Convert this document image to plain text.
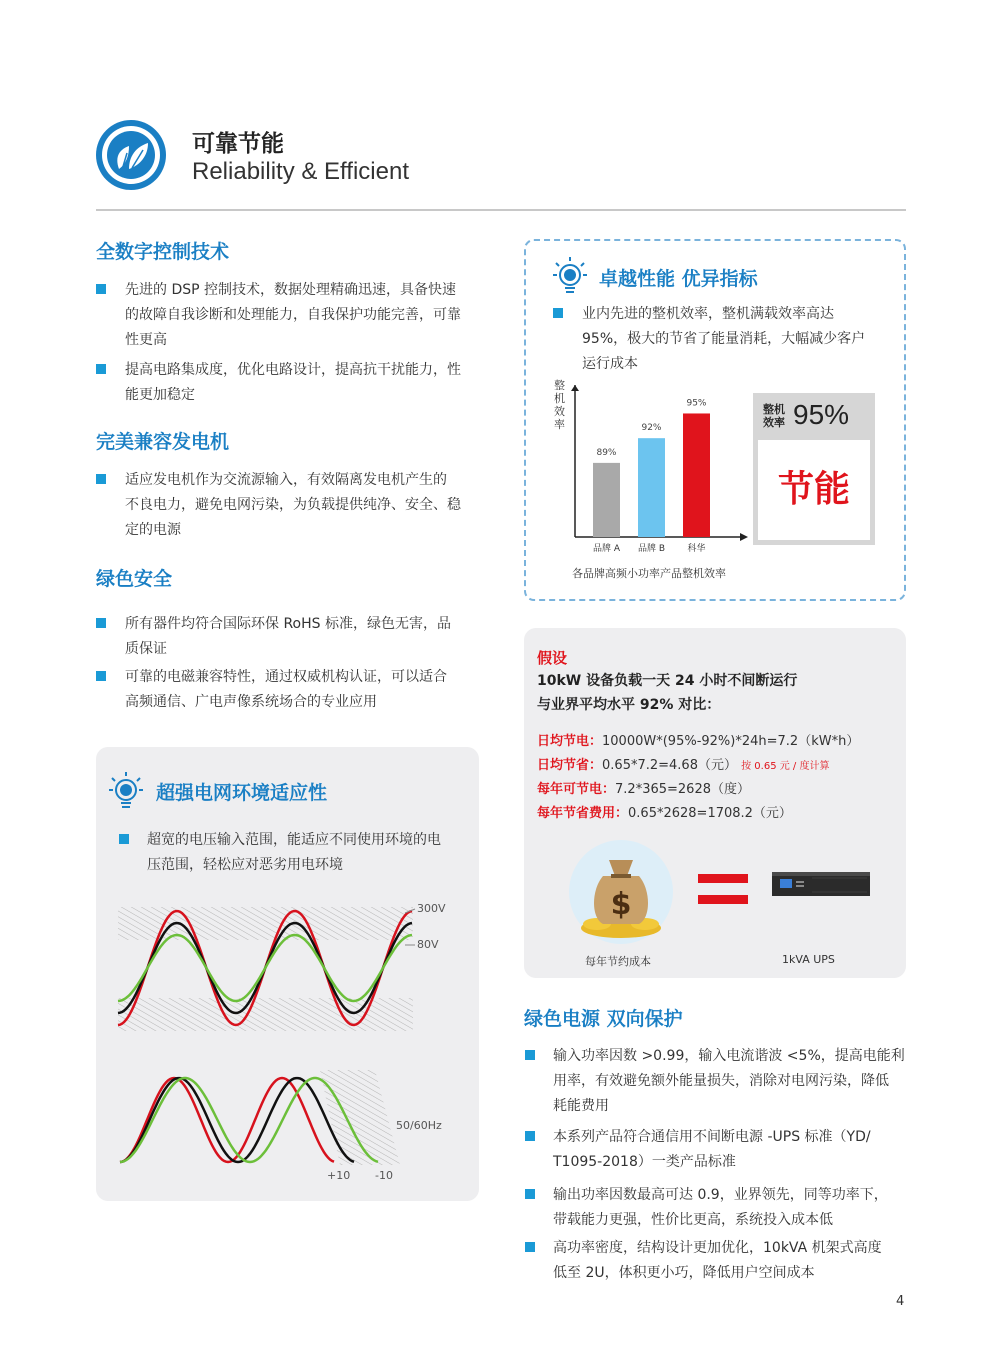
可靠节能
Reliability & Efficient
全数字控制技术
先进的 DSP 控制技术，数据处理精确迅速，具备快速
的故障自我诊断和处理能力，自我保护功能完善，可靠
性更高
提高电路集成度，优化电路设计，提高抗干扰能力，性
能更加稳定
完美兼容发电机
适应发电机作为交流源输入，有效隔离发电机产生的
不良电力，避免电网污染，为负载提供纯净、安全、稳
定的电源
绿色安全
所有器件均符合国际环保 RoHS 标准，绿色无害，品
质保证
可靠的电磁兼容特性，通过权威机构认证，可以适合
高频通信、广电声像系统场合的专业应用
超强电网环境适应性
超宽的电压输入范围，能适应不同使用环境的电
压范围，轻松应对恶劣用电环境
300V
80V
50/60Hz
+10 -10
卓越性能 优异指标
业内先进的整机效率，整机满载效率高达
95%，极大的节省了能量消耗，大幅减少客户
运行成本
整
机
效
率
89%
品牌 A
92%
品牌 B
95%
科华
各品牌高频小功率产品整机效率
整机
效率 95%
节能
假设
10kW 设备负载一天 24 小时不间断运行
与业界平均水平 92% 对比：
日均节电：10000W*(95%-92%)*24h=7.2（kW*h）
日均节省：0.65*7.2=4.68（元） 按 0.65 元 / 度计算
每年可节电：7.2*365=2628（度）
每年节省费用：0.65*2628=1708.2（元）
$
每年节约成本	1kVA UPS
绿色电源 双向保护
输入功率因数 >0.99，输入电流谐波 <5%，提高电能利
用率，有效避免额外能量损失，消除对电网污染，降低
耗能费用
本系列产品符合通信用不间断电源 -UPS 标准（YD/
T1095-2018）一类产品标准
输出功率因数最高可达 0.9，业界领先，同等功率下，
带载能力更强，性价比更高，系统投入成本低
高功率密度，结构设计更加优化，10kVA 机架式高度
低至 2U，体积更小巧，降低用户空间成本
4
